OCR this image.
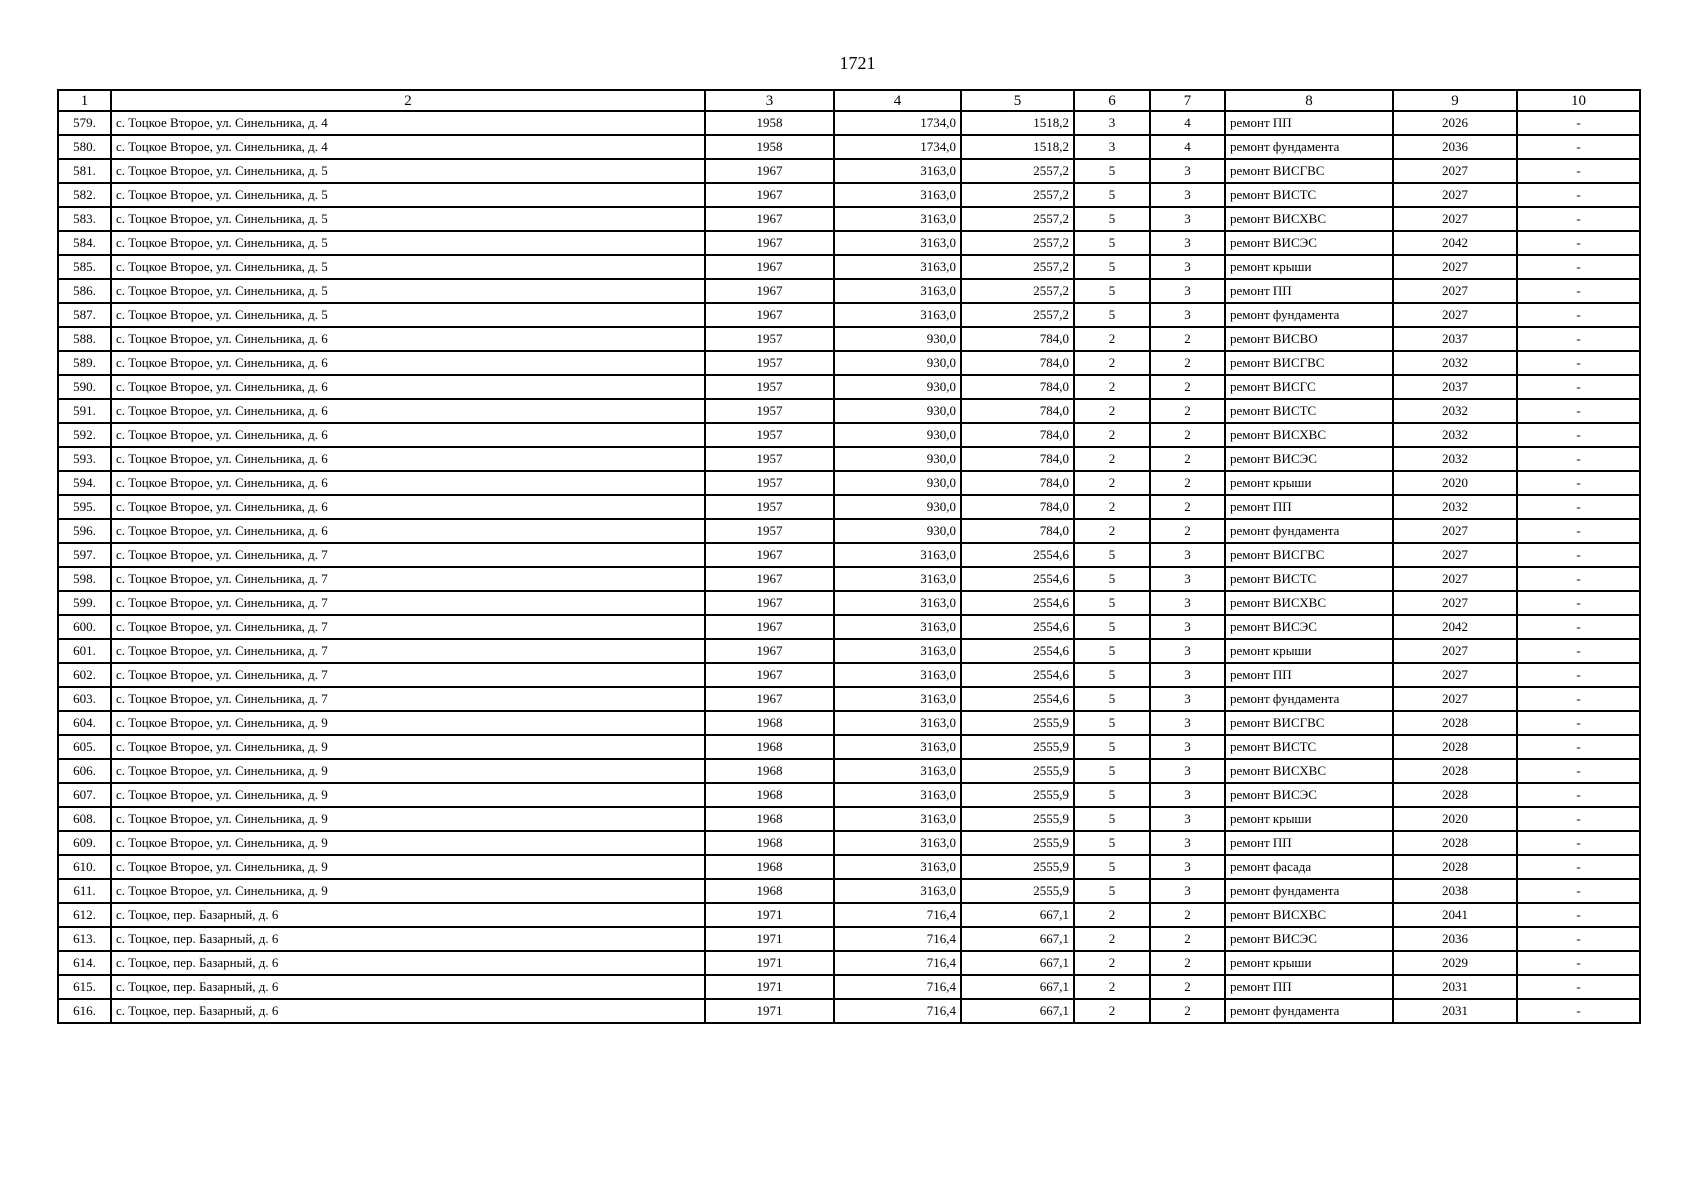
1721
1	2	3	4	5	6	7	8	9	10
579.	с. Тоцкое Второе, ул. Синельника, д. 4	1958	1734,0	1518,2	3	4	ремонт ПП	2026	-
580.	с. Тоцкое Второе, ул. Синельника, д. 4	1958	1734,0	1518,2	3	4	ремонт фундамента	2036	-
581.	с. Тоцкое Второе, ул. Синельника, д. 5	1967	3163,0	2557,2	5	3	ремонт ВИСГВС	2027	-
582.	с. Тоцкое Второе, ул. Синельника, д. 5	1967	3163,0	2557,2	5	3	ремонт ВИСТС	2027	-
583.	с. Тоцкое Второе, ул. Синельника, д. 5	1967	3163,0	2557,2	5	3	ремонт ВИСХВС	2027	-
584.	с. Тоцкое Второе, ул. Синельника, д. 5	1967	3163,0	2557,2	5	3	ремонт ВИСЭС	2042	-
585.	с. Тоцкое Второе, ул. Синельника, д. 5	1967	3163,0	2557,2	5	3	ремонт крыши	2027	-
586.	с. Тоцкое Второе, ул. Синельника, д. 5	1967	3163,0	2557,2	5	3	ремонт ПП	2027	-
587.	с. Тоцкое Второе, ул. Синельника, д. 5	1967	3163,0	2557,2	5	3	ремонт фундамента	2027	-
588.	с. Тоцкое Второе, ул. Синельника, д. 6	1957	930,0	784,0	2	2	ремонт ВИСВО	2037	-
589.	с. Тоцкое Второе, ул. Синельника, д. 6	1957	930,0	784,0	2	2	ремонт ВИСГВС	2032	-
590.	с. Тоцкое Второе, ул. Синельника, д. 6	1957	930,0	784,0	2	2	ремонт ВИСГС	2037	-
591.	с. Тоцкое Второе, ул. Синельника, д. 6	1957	930,0	784,0	2	2	ремонт ВИСТС	2032	-
592.	с. Тоцкое Второе, ул. Синельника, д. 6	1957	930,0	784,0	2	2	ремонт ВИСХВС	2032	-
593.	с. Тоцкое Второе, ул. Синельника, д. 6	1957	930,0	784,0	2	2	ремонт ВИСЭС	2032	-
594.	с. Тоцкое Второе, ул. Синельника, д. 6	1957	930,0	784,0	2	2	ремонт крыши	2020	-
595.	с. Тоцкое Второе, ул. Синельника, д. 6	1957	930,0	784,0	2	2	ремонт ПП	2032	-
596.	с. Тоцкое Второе, ул. Синельника, д. 6	1957	930,0	784,0	2	2	ремонт фундамента	2027	-
597.	с. Тоцкое Второе, ул. Синельника, д. 7	1967	3163,0	2554,6	5	3	ремонт ВИСГВС	2027	-
598.	с. Тоцкое Второе, ул. Синельника, д. 7	1967	3163,0	2554,6	5	3	ремонт ВИСТС	2027	-
599.	с. Тоцкое Второе, ул. Синельника, д. 7	1967	3163,0	2554,6	5	3	ремонт ВИСХВС	2027	-
600.	с. Тоцкое Второе, ул. Синельника, д. 7	1967	3163,0	2554,6	5	3	ремонт ВИСЭС	2042	-
601.	с. Тоцкое Второе, ул. Синельника, д. 7	1967	3163,0	2554,6	5	3	ремонт крыши	2027	-
602.	с. Тоцкое Второе, ул. Синельника, д. 7	1967	3163,0	2554,6	5	3	ремонт ПП	2027	-
603.	с. Тоцкое Второе, ул. Синельника, д. 7	1967	3163,0	2554,6	5	3	ремонт фундамента	2027	-
604.	с. Тоцкое Второе, ул. Синельника, д. 9	1968	3163,0	2555,9	5	3	ремонт ВИСГВС	2028	-
605.	с. Тоцкое Второе, ул. Синельника, д. 9	1968	3163,0	2555,9	5	3	ремонт ВИСТС	2028	-
606.	с. Тоцкое Второе, ул. Синельника, д. 9	1968	3163,0	2555,9	5	3	ремонт ВИСХВС	2028	-
607.	с. Тоцкое Второе, ул. Синельника, д. 9	1968	3163,0	2555,9	5	3	ремонт ВИСЭС	2028	-
608.	с. Тоцкое Второе, ул. Синельника, д. 9	1968	3163,0	2555,9	5	3	ремонт крыши	2020	-
609.	с. Тоцкое Второе, ул. Синельника, д. 9	1968	3163,0	2555,9	5	3	ремонт ПП	2028	-
610.	с. Тоцкое Второе, ул. Синельника, д. 9	1968	3163,0	2555,9	5	3	ремонт фасада	2028	-
611.	с. Тоцкое Второе, ул. Синельника, д. 9	1968	3163,0	2555,9	5	3	ремонт фундамента	2038	-
612.	с. Тоцкое, пер. Базарный, д. 6	1971	716,4	667,1	2	2	ремонт ВИСХВС	2041	-
613.	с. Тоцкое, пер. Базарный, д. 6	1971	716,4	667,1	2	2	ремонт ВИСЭС	2036	-
614.	с. Тоцкое, пер. Базарный, д. 6	1971	716,4	667,1	2	2	ремонт крыши	2029	-
615.	с. Тоцкое, пер. Базарный, д. 6	1971	716,4	667,1	2	2	ремонт ПП	2031	-
616.	с. Тоцкое, пер. Базарный, д. 6	1971	716,4	667,1	2	2	ремонт фундамента	2031	-
